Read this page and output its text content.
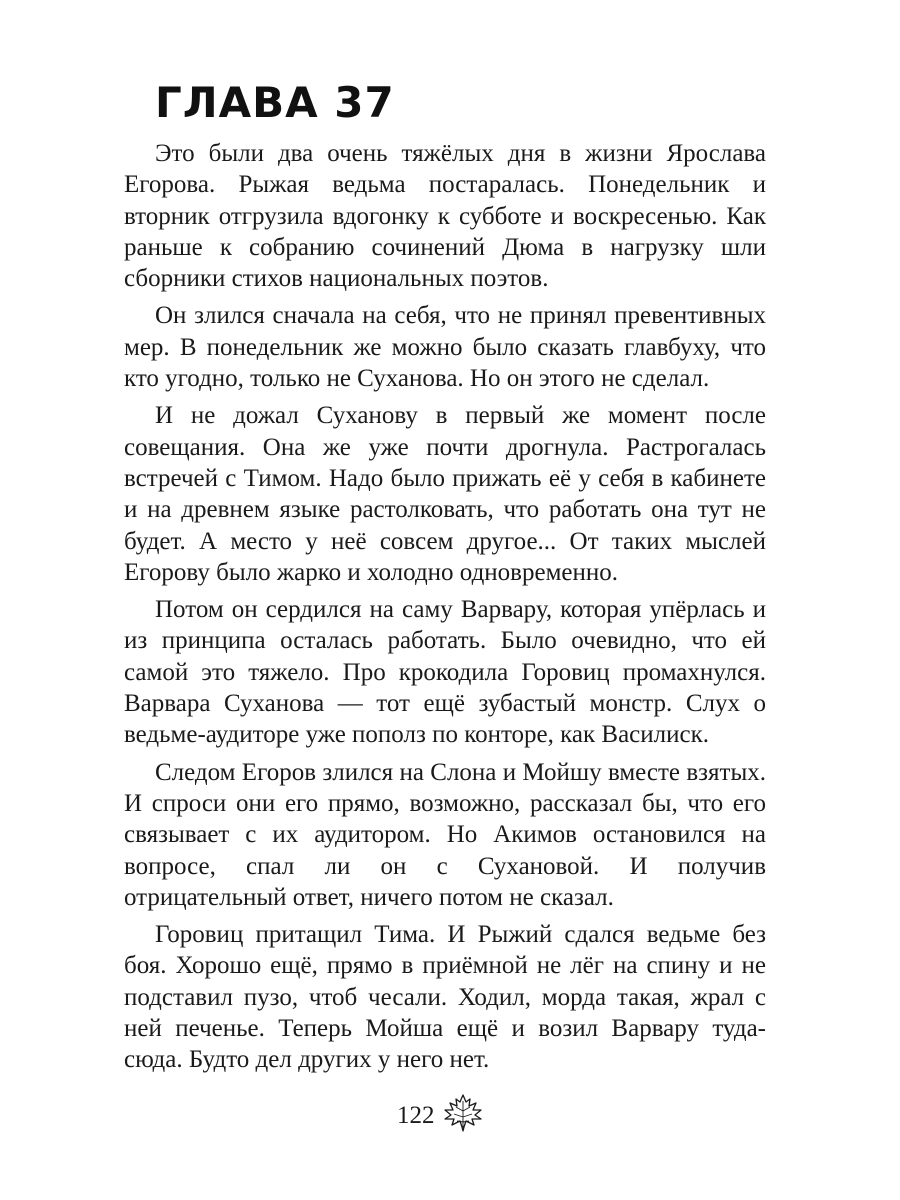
ГЛАВА 37

Это были два очень тяжёлых дня в жизни Ярослава Егорова. Рыжая ведьма постаралась. Понедельник и вторник отгрузила вдогонку к субботе и воскресенью. Как раньше к собранию сочинений Дюма в нагрузку шли сборники стихов национальных поэтов.

Он злился сначала на себя, что не принял превентивных мер. В понедельник же можно было сказать главбуху, что кто угодно, только не Суханова. Но он этого не сделал.

И не дожал Суханову в первый же момент после совещания. Она же уже почти дрогнула. Растрогалась встречей с Тимом. Надо было прижать её у себя в кабинете и на древнем языке растолковать, что работать она тут не будет. А место у неё совсем другое... От таких мыслей Егорову было жарко и холодно одновременно.

Потом он сердился на саму Варвару, которая упёрлась и из принципа осталась работать. Было очевидно, что ей самой это тяжело. Про крокодила Горовиц промахнулся. Варвара Суханова — тот ещё зубастый монстр. Слух о ведьме-аудиторе уже пополз по конторе, как Василиск.

Следом Егоров злился на Слона и Мойшу вместе взятых. И спроси они его прямо, возможно, рассказал бы, что его связывает с их аудитором. Но Акимов остановился на вопросе, спал ли он с Сухановой. И получив отрицательный ответ, ничего потом не сказал.

Горовиц притащил Тима. И Рыжий сдался ведьме без боя. Хорошо ещё, прямо в приёмной не лёг на спину и не подставил пузо, чтоб чесали. Ходил, морда такая, жрал с ней печенье. Теперь Мойша ещё и возил Варвару туда-сюда. Будто дел других у него нет.

122
